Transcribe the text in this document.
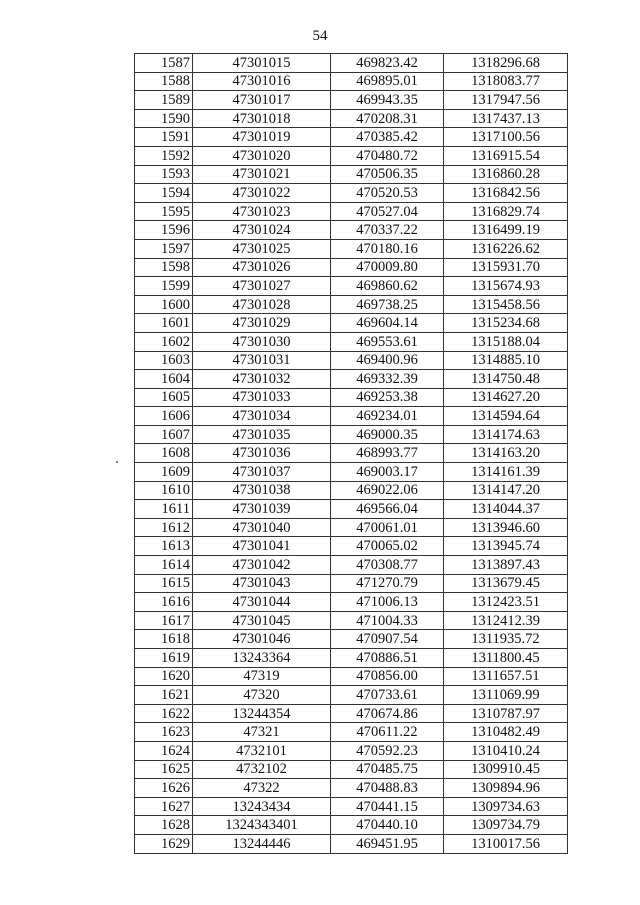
54
1587	47301015	469823.42	1318296.68
1588	47301016	469895.01	1318083.77
1589	47301017	469943.35	1317947.56
1590	47301018	470208.31	1317437.13
1591	47301019	470385.42	1317100.56
1592	47301020	470480.72	1316915.54
1593	47301021	470506.35	1316860.28
1594	47301022	470520.53	1316842.56
1595	47301023	470527.04	1316829.74
1596	47301024	470337.22	1316499.19
1597	47301025	470180.16	1316226.62
1598	47301026	470009.80	1315931.70
1599	47301027	469860.62	1315674.93
1600	47301028	469738.25	1315458.56
1601	47301029	469604.14	1315234.68
1602	47301030	469553.61	1315188.04
1603	47301031	469400.96	1314885.10
1604	47301032	469332.39	1314750.48
1605	47301033	469253.38	1314627.20
1606	47301034	469234.01	1314594.64
1607	47301035	469000.35	1314174.63
1608	47301036	468993.77	1314163.20
1609	47301037	469003.17	1314161.39
1610	47301038	469022.06	1314147.20
1611	47301039	469566.04	1314044.37
1612	47301040	470061.01	1313946.60
1613	47301041	470065.02	1313945.74
1614	47301042	470308.77	1313897.43
1615	47301043	471270.79	1313679.45
1616	47301044	471006.13	1312423.51
1617	47301045	471004.33	1312412.39
1618	47301046	470907.54	1311935.72
1619	13243364	470886.51	1311800.45
1620	47319	470856.00	1311657.51
1621	47320	470733.61	1311069.99
1622	13244354	470674.86	1310787.97
1623	47321	470611.22	1310482.49
1624	4732101	470592.23	1310410.24
1625	4732102	470485.75	1309910.45
1626	47322	470488.83	1309894.96
1627	13243434	470441.15	1309734.63
1628	1324343401	470440.10	1309734.79
1629	13244446	469451.95	1310017.56
